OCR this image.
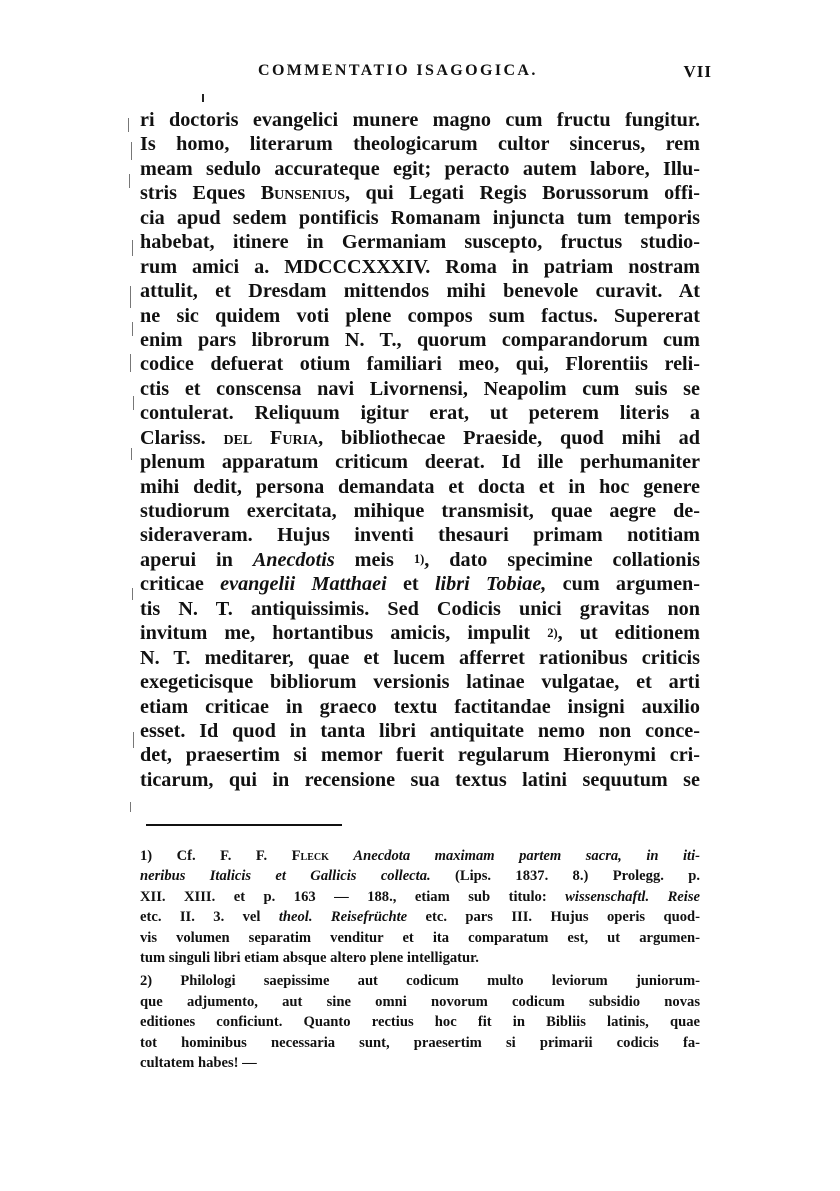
COMMENTATIO ISAGOGICA.	VII
ri doctoris evangelici munere magno cum fructu fungitur.
Is homo, literarum theologicarum cultor sincerus, rem
meam sedulo accurateque egit; peracto autem labore, Illu-
stris Eques Bunsenius, qui Legati Regis Borussorum offi-
cia apud sedem pontificis Romanam injuncta tum temporis
habebat, itinere in Germaniam suscepto, fructus studio-
rum amici a. MDCCCXXXIV. Roma in patriam nostram
attulit, et Dresdam mittendos mihi benevole curavit. At
ne sic quidem voti plene compos sum factus. Supererat
enim pars librorum N. T., quorum comparandorum cum
codice defuerat otium familiari meo, qui, Florentiis reli-
ctis et conscensa navi Livornensi, Neapolim cum suis se
contulerat. Reliquum igitur erat, ut peterem literis a
Clariss. del Furia, bibliothecae Praeside, quod mihi ad
plenum apparatum criticum deerat. Id ille perhumaniter
mihi dedit, persona demandata et docta et in hoc genere
studiorum exercitata, mihique transmisit, quae aegre de-
sideraveram. Hujus inventi thesauri primam notitiam
aperui in Anecdotis meis $^{1)}$, dato specimine collationis
criticae evangelii Matthaei et libri Tobiae, cum argumen-
tis N. T. antiquissimis. Sed Codicis unici gravitas non
invitum me, hortantibus amicis, impulit $^{2)}$, ut editionem
N. T. meditarer, quae et lucem afferret rationibus criticis
exegeticisque bibliorum versionis latinae vulgatae, et arti
etiam criticae in graeco textu factitandae insigni auxilio
esset. Id quod in tanta libri antiquitate nemo non conce-
det, praesertim si memor fuerit regularum Hieronymi cri-
ticarum, qui in recensione sua textus latini sequutum se
1) Cf. F. F. Fleck Anecdota maximam partem sacra, in iti-
neribus Italicis et Gallicis collecta. (Lips. 1837. 8.) Prolegg. p.
XII. XIII. et p. 163 — 188., etiam sub titulo: wissenschaftl. Reise
etc. II. 3. vel theol. Reisefrüchte etc. pars III. Hujus operis quod-
vis volumen separatim venditur et ita comparatum est, ut argumen-
tum singuli libri etiam absque altero plene intelligatur.
2) Philologi saepissime aut codicum multo leviorum juniorum-
que adjumento, aut sine omni novorum codicum subsidio novas
editiones conficiunt. Quanto rectius hoc fit in Bibliis latinis, quae
tot hominibus necessaria sunt, praesertim si primarii codicis fa-
cultatem habes! —
